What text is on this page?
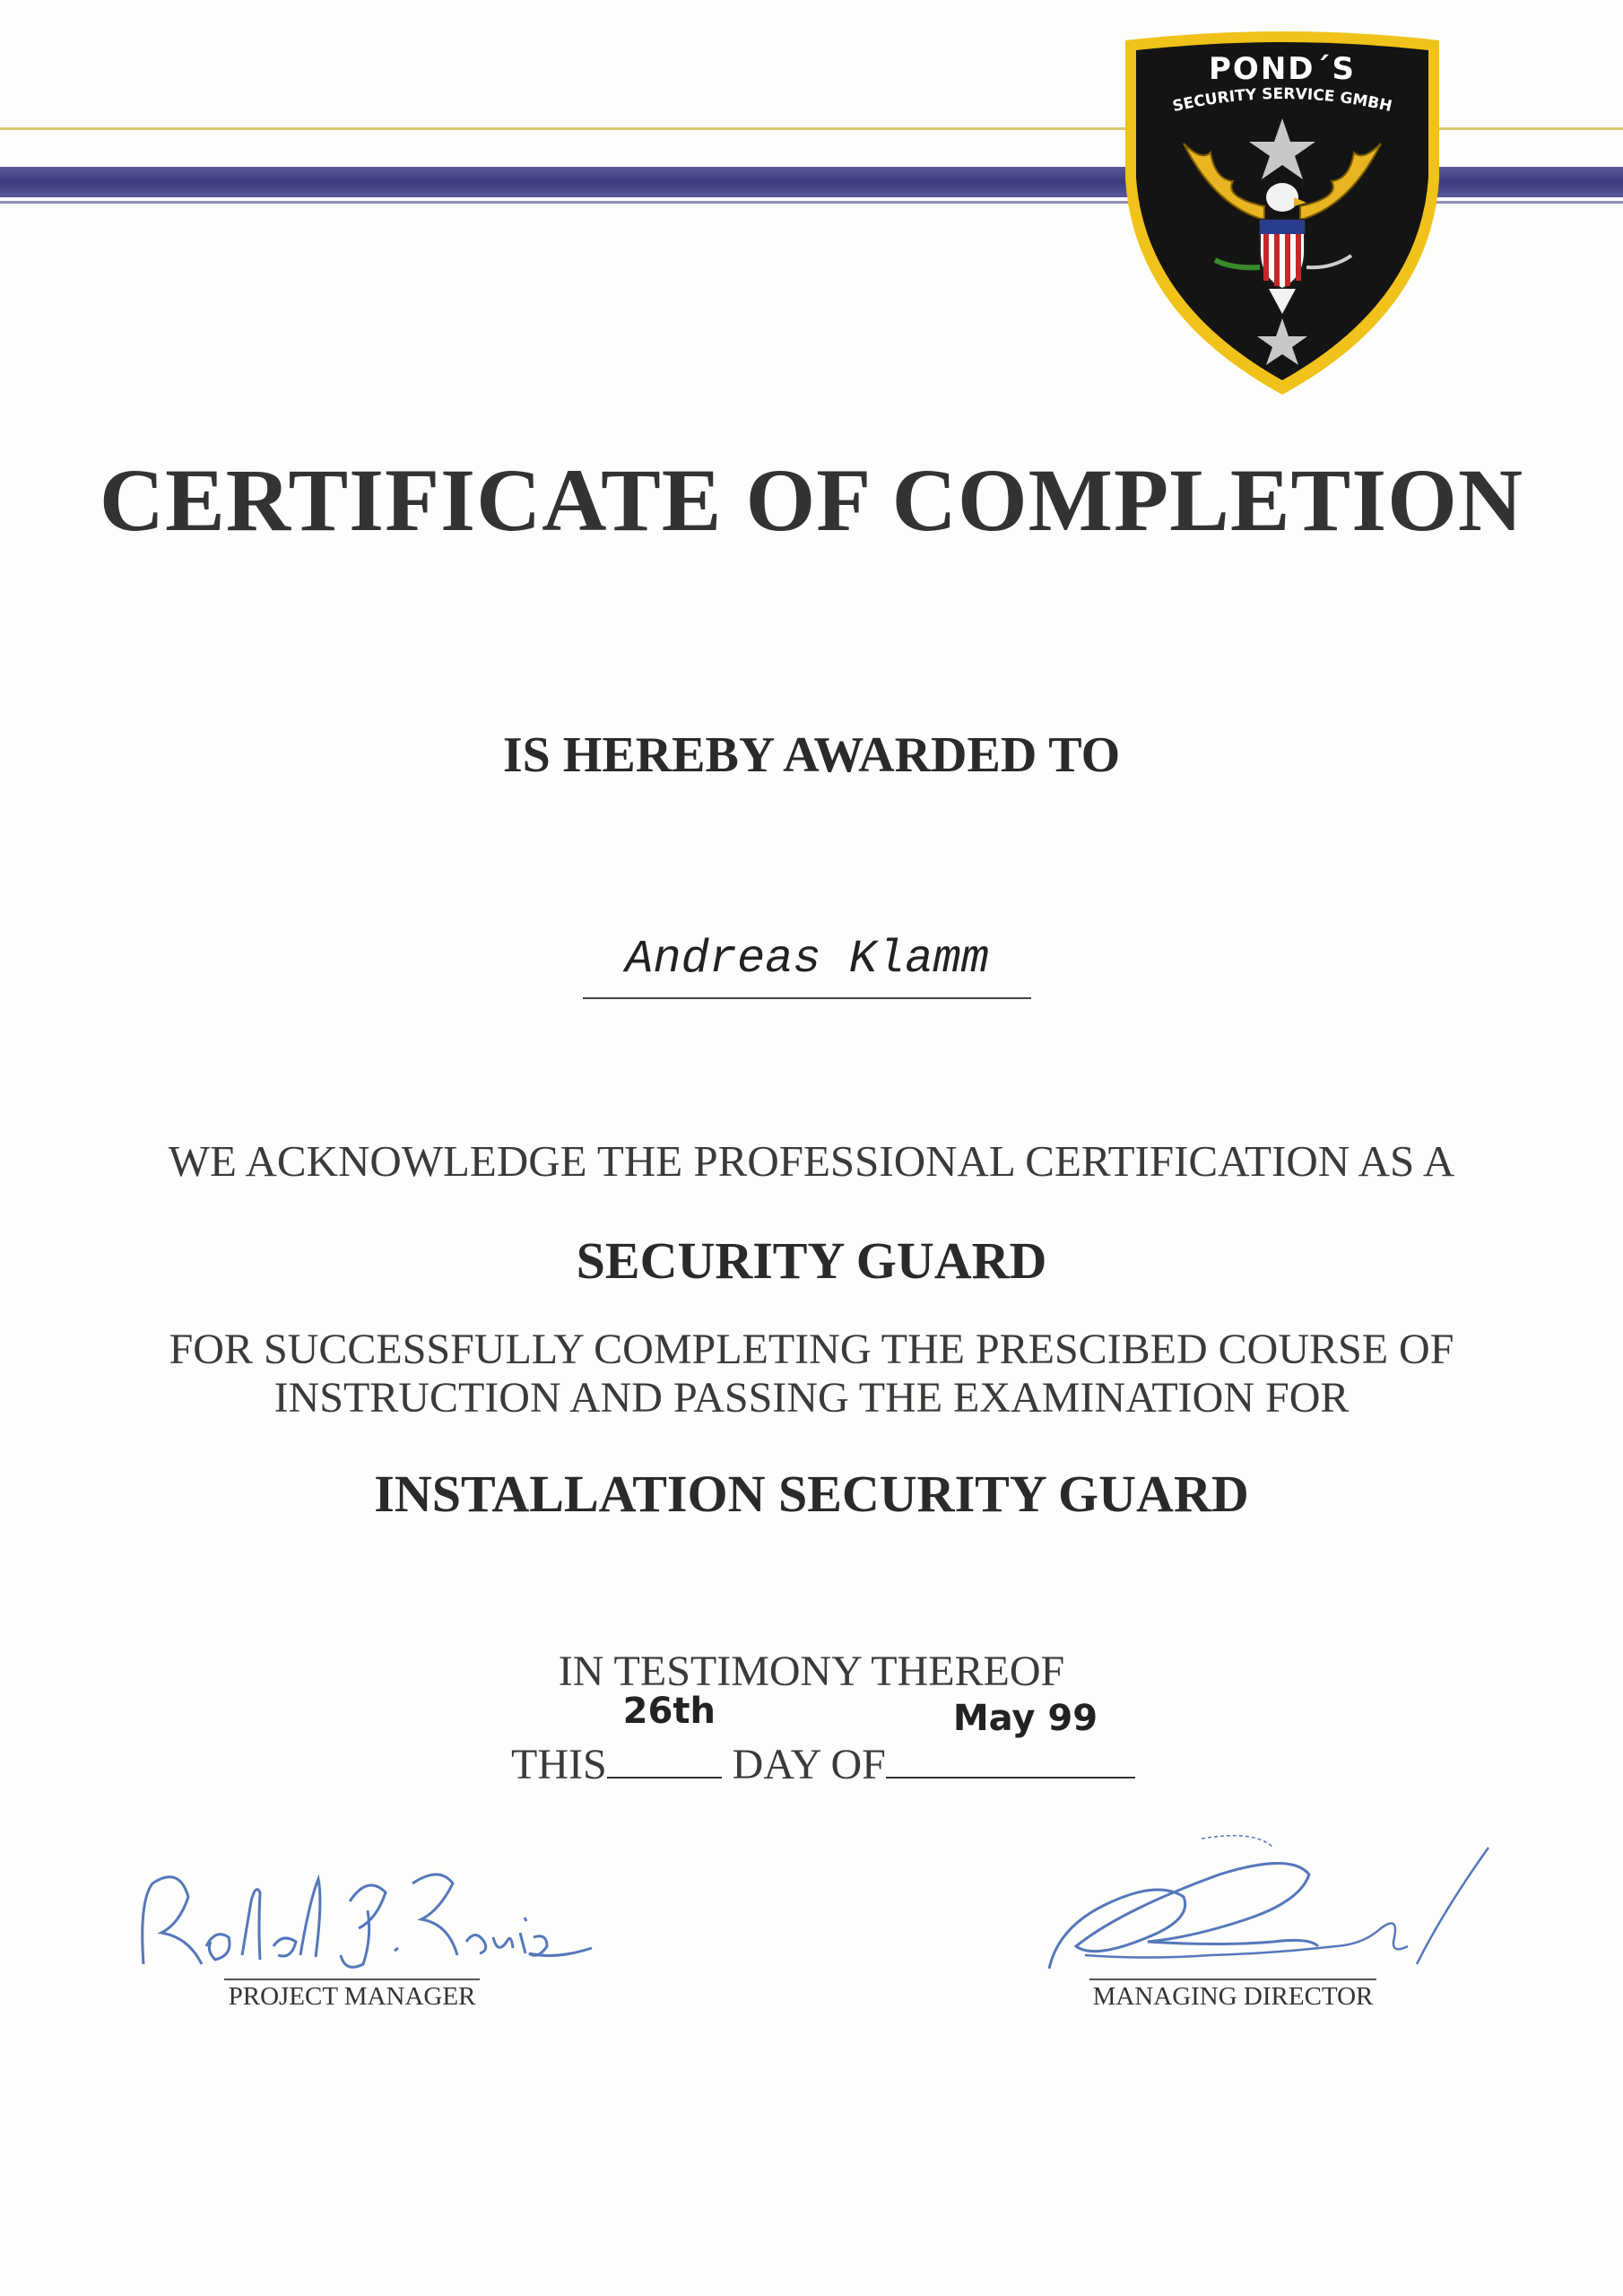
POND´S
SECURITY SERVICE GMBH
CERTIFICATE OF COMPLETION
IS HEREBY AWARDED TO
Andreas Klamm
WE ACKNOWLEDGE THE PROFESSIONAL CERTIFICATION AS A
SECURITY GUARD
FOR SUCCESSFULLY COMPLETING THE PRESCIBED COURSE OF
INSTRUCTION AND PASSING THE EXAMINATION FOR
INSTALLATION SECURITY GUARD
IN TESTIMONY THEREOF
THIS
26th
DAY OF
May 99
PROJECT MANAGER	MANAGING DIRECTOR
